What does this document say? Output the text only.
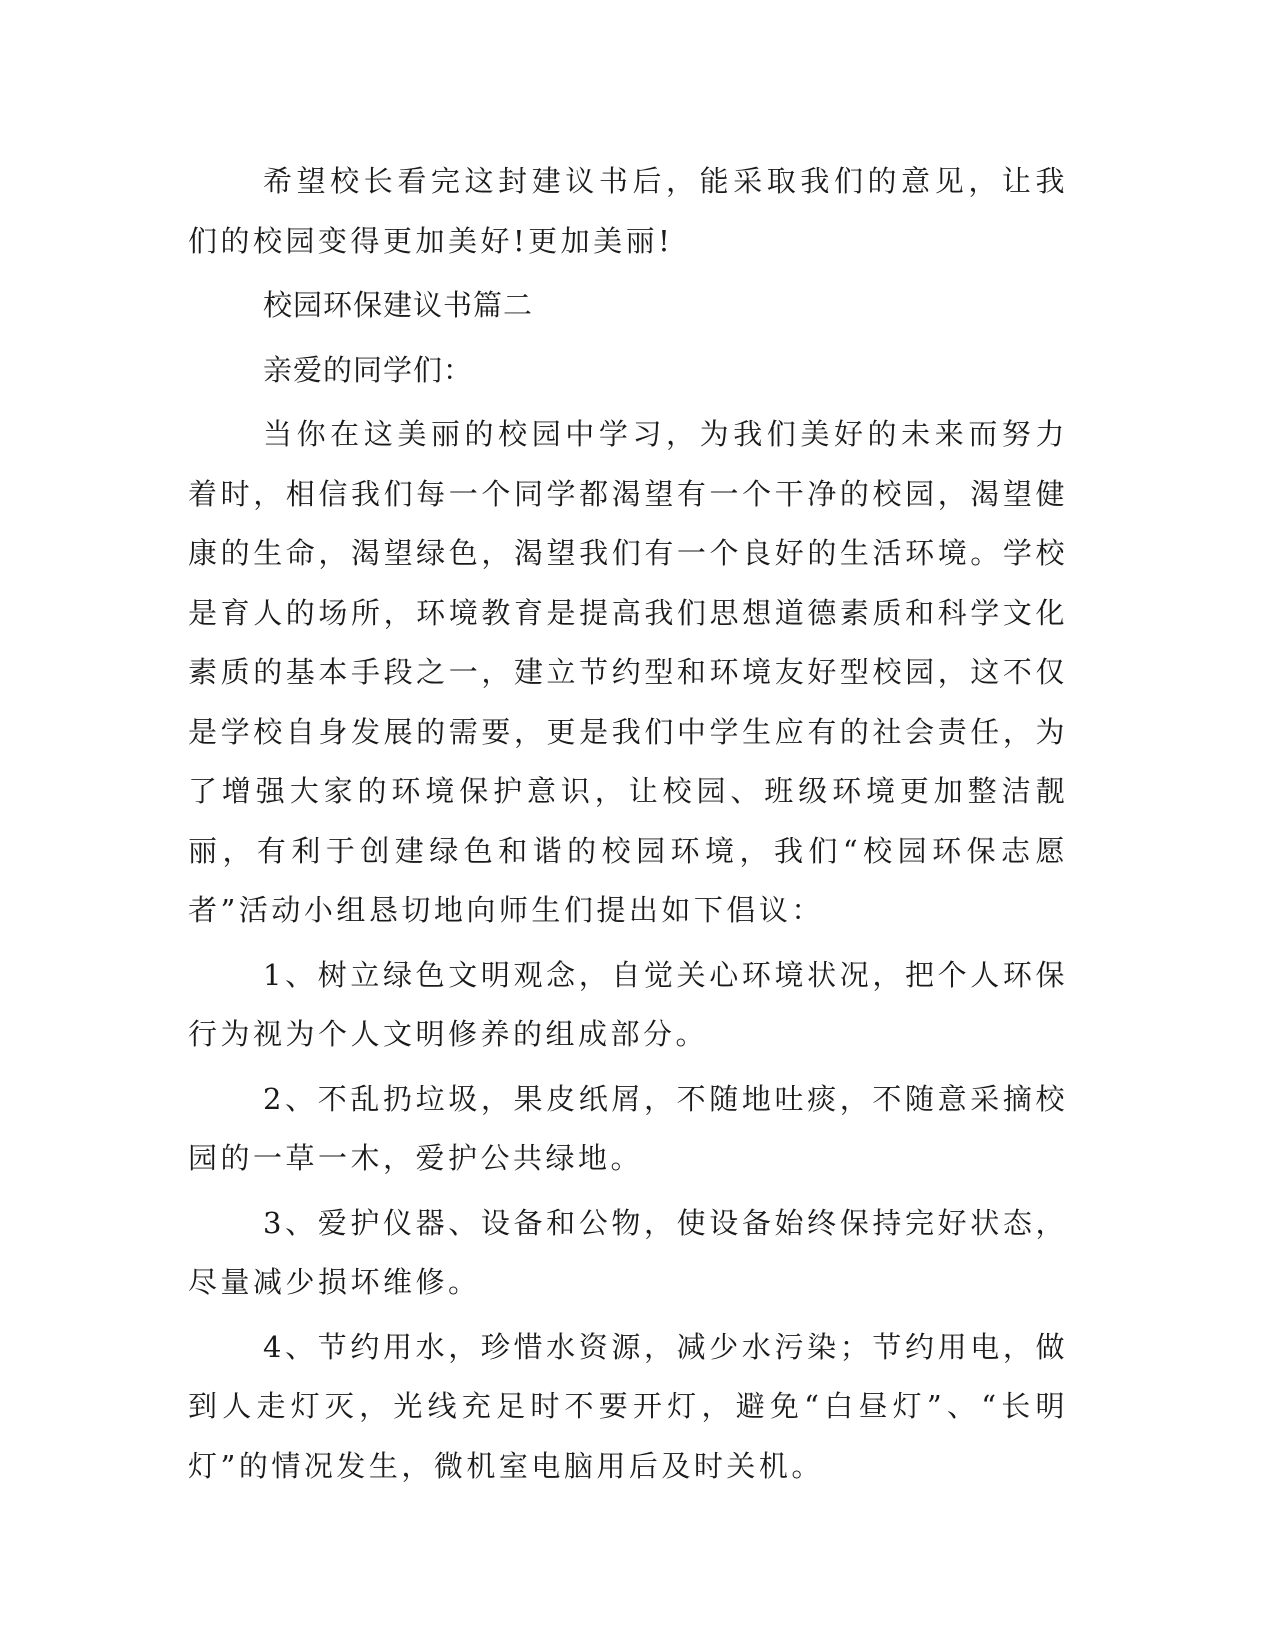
希望校长看完这封建议书后，能采取我们的意见，让我们的校园变得更加美好!更加美丽!

校园环保建议书篇二

亲爱的同学们：

当你在这美丽的校园中学习，为我们美好的未来而努力着时，相信我们每一个同学都渴望有一个干净的校园，渴望健康的生命，渴望绿色，渴望我们有一个良好的生活环境。学校是育人的场所，环境教育是提高我们思想道德素质和科学文化素质的基本手段之一，建立节约型和环境友好型校园，这不仅是学校自身发展的需要，更是我们中学生应有的社会责任，为了增强大家的环境保护意识，让校园、班级环境更加整洁靓丽，有利于创建绿色和谐的校园环境，我们“校园环保志愿者”活动小组恳切地向师生们提出如下倡议：

1、树立绿色文明观念，自觉关心环境状况，把个人环保行为视为个人文明修养的组成部分。

2、不乱扔垃圾，果皮纸屑，不随地吐痰，不随意采摘校园的一草一木，爱护公共绿地。

3、爱护仪器、设备和公物，使设备始终保持完好状态，尽量减少损坏维修。

4、节约用水，珍惜水资源，减少水污染；节约用电，做到人走灯灭，光线充足时不要开灯，避免“白昼灯”、“长明灯”的情况发生，微机室电脑用后及时关机。
